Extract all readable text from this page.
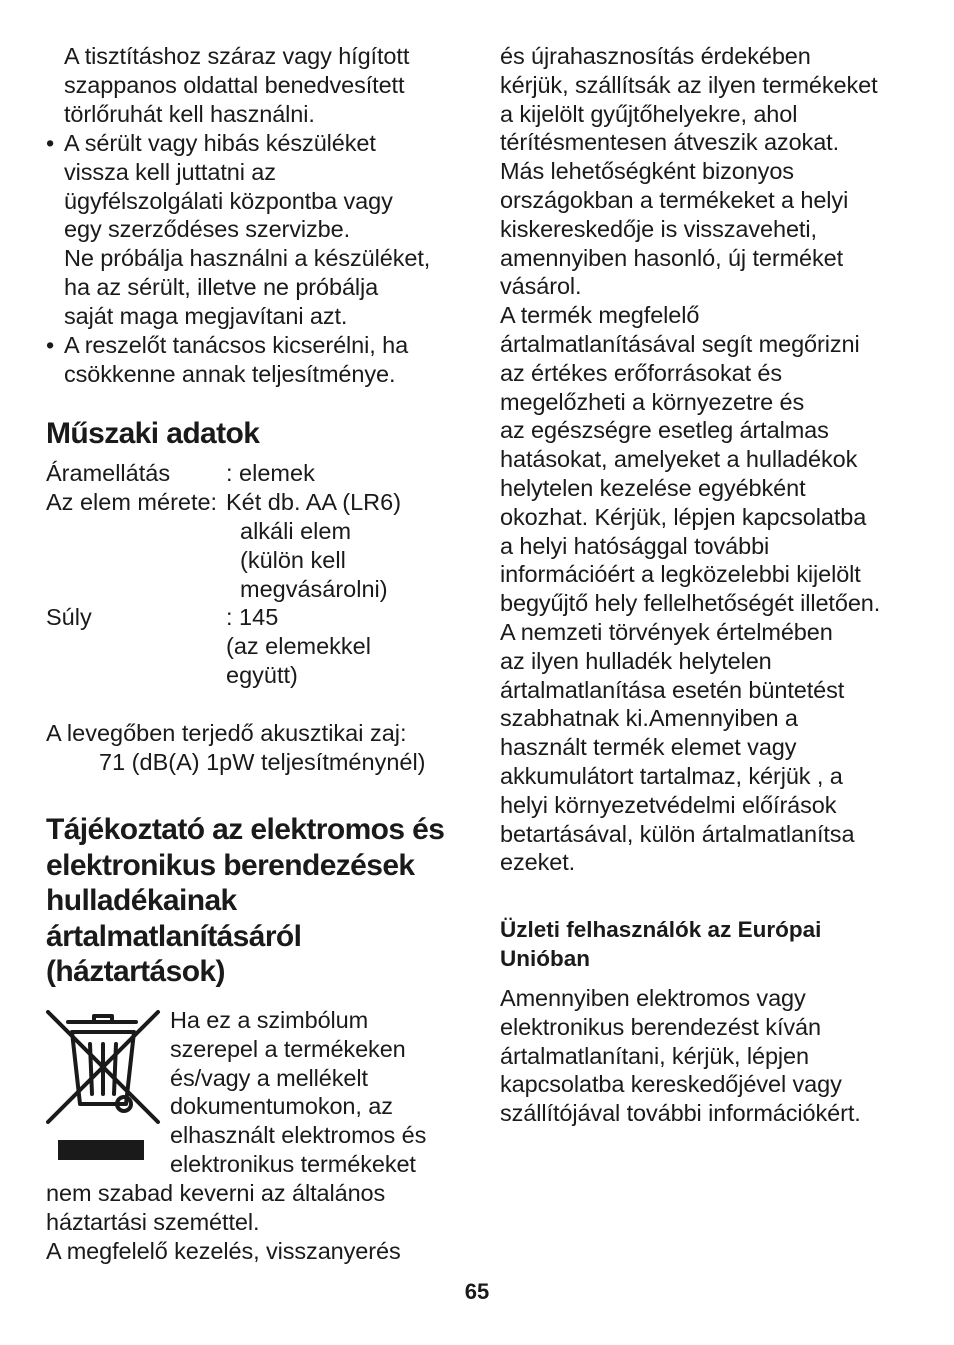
A tisztításhoz száraz vagy hígított
szappanos oldattal benedvesített
törlőruhát kell használni.
• A sérült vagy hibás készüléket
vissza kell juttatni az
ügyfélszolgálati központba vagy
egy szerződéses szervizbe.
Ne próbálja használni a készüléket,
ha az sérült, illetve ne próbálja
saját maga megjavítani azt.
• A reszelőt tanácsos kicserélni, ha
csökkenne annak teljesítménye.
Műszaki adatok
Áramellátás : elemek
Az elem mérete: Két db. AA (LR6)
alkáli elem
(külön kell
megvásárolni)
Súly	: 145
(az elemekkel
együtt)
A levegőben terjedő akusztikai zaj:
71 (dB(A) 1pW teljesítménynél)
Tájékoztató az elektromos és
elektronikus berendezések
hulladékainak
ártalmatlanításáról
(háztartások)
Ha ez a szimbólum
szerepel a termékeken
és/vagy a mellékelt
dokumentumokon, az
elhasznált elektromos és
elektronikus termékeket
nem szabad keverni az általános
háztartási szeméttel.
A megfelelő kezelés, visszanyerés
és újrahasznosítás érdekében
kérjük, szállítsák az ilyen termékeket
a kijelölt gyűjtőhelyekre, ahol
térítésmentesen átveszik azokat.
Más lehetőségként bizonyos
országokban a termékeket a helyi
kiskereskedője is visszaveheti,
amennyiben hasonló, új terméket
vásárol.
A termék megfelelő
ártalmatlanításával segít megőrizni
az értékes erőforrásokat és
megelőzheti a környezetre és
az egészségre esetleg ártalmas
hatásokat, amelyeket a hulladékok
helytelen kezelése egyébként
okozhat. Kérjük, lépjen kapcsolatba
a helyi hatósággal további
információért a legközelebbi kijelölt
begyűjtő hely fellelhetőségét illetően.
A nemzeti törvények értelmében
az ilyen hulladék helytelen
ártalmatlanítása esetén büntetést
szabhatnak ki.Amennyiben a
használt termék elemet vagy
akkumulátort tartalmaz, kérjük , a
helyi környezetvédelmi előírások
betartásával, külön ártalmatlanítsa
ezeket.
Üzleti felhasználók az Európai
Unióban
Amennyiben elektromos vagy
elektronikus berendezést kíván
ártalmatlanítani, kérjük, lépjen
kapcsolatba kereskedőjével vagy
szállítójával további információkért.
65
